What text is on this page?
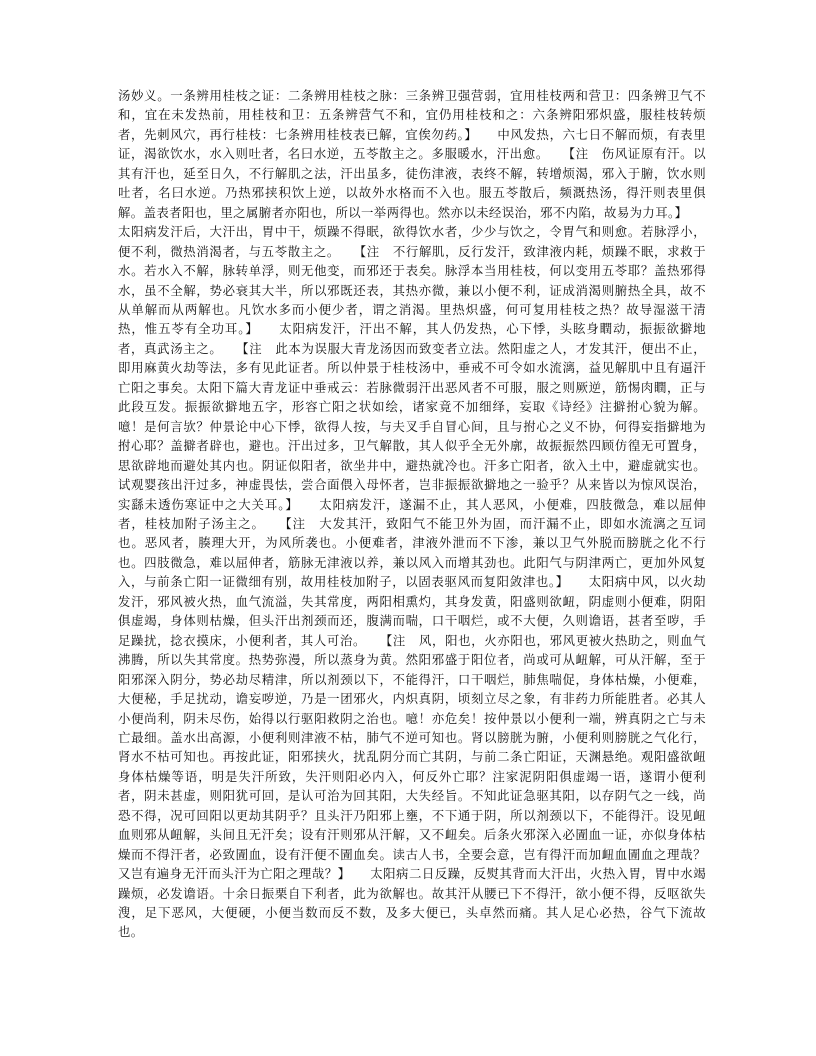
汤妙义。一条辨用桂枝之证：二条辨用桂枝之脉：三条辨卫强营弱，宜用桂枝两和营卫：四条辨卫气不和，宜在未发热前，用桂枝和卫：五条辨营气不和，宜仍用桂枝和之：六条辨阳邪炽盛，服桂枝转烦者，先刺风穴，再行桂枝：七条辨用桂枝表已解，宜俟勿药。】　　中风发热，六七日不解而烦，有表里证，渴欲饮水，水入则吐者，名曰水逆，五苓散主之。多服暖水，汗出愈。　　【注　伤风证原有汗。以其有汗也，延至日久，不行解肌之法，汗出虽多，徒伤津液，表终不解，转增烦渴，邪入于腑，饮水则吐者，名曰水逆。乃热邪挟积饮上逆，以故外水格而不入也。服五苓散后，频溉热汤，得汗则表里俱解。盖表者阳也，里之属腑者亦阳也，所以一举两得也。然亦以未经误治，邪不内陷，故易为力耳。】　　太阳病发汗后，大汗出，胃中干，烦躁不得眠，欲得饮水者，少少与饮之，令胃气和则愈。若脉浮小，便不利，微热消渴者，与五苓散主之。　　【注　不行解肌，反行发汗，致津液内耗，烦躁不眠，求救于水。若水入不解，脉转单浮，则无他变，而邪还于表矣。脉浮本当用桂枝，何以变用五苓耶？盖热邪得水，虽不全解，势必衰其大半，所以邪既还表，其热亦微，兼以小便不利，证成消渴则腑热全具，故不从单解而从两解也。凡饮水多而小便少者，谓之消渴。里热炽盛，何可复用桂枝之热？故导湿滋干清热，惟五苓有全功耳。】　　太阳病发汗，汗出不解，其人仍发热，心下悸，头眩身瞤动，振振欲擗地者，真武汤主之。　　【注　此本为误服大青龙汤因而致变者立法。然阳虚之人，才发其汗，便出不止，即用麻黄火劫等法，多有见此证者。所以仲景于桂枝汤中，垂戒不可令如水流漓，益见解肌中且有逼汗亡阳之事矣。太阳下篇大青龙证中垂戒云：若脉微弱汗出恶风者不可服，服之则厥逆，筋惕肉瞤，正与此段互发。振振欲擗地五字，形容亡阳之状如绘，诸家竟不加细绎，妄取《诗经》注擗拊心貌为解。噫！是何言欤？仲景论中心下悸，欲得人按，与夫叉手自冒心间，且与拊心之义不协，何得妄指擗地为拊心耶？盖擗者辟也，避也。汗出过多，卫气解散，其人似乎全无外廓，故振振然四顾仿徨无可置身，思欲辟地而避处其内也。阴证似阳者，欲坐井中，避热就冷也。汗多亡阳者，欲入土中，避虚就实也。试观婴孩出汗过多，神虚畏怯，尝合面偎入母怀者，岂非振振欲擗地之一验乎？从来皆以为惊风误治，实繇未透伤寒证中之大关耳。】　　太阳病发汗，遂漏不止，其人恶风，小便难，四肢微急，难以屈伸者，桂枝加附子汤主之。　　【注　大发其汗，致阳气不能卫外为固，而汗漏不止，即如水流漓之互词也。恶风者，腠理大开，为风所袭也。小便难者，津液外泄而不下渗，兼以卫气外脱而膀胱之化不行也。四肢微急，难以屈伸者，筋脉无津液以养，兼以风入而增其劲也。此阳气与阴津两亡，更加外风复入，与前条亡阳一证微细有别，故用桂枝加附子，以固表驱风而复阳敛津也。】　　太阳病中风，以火劫发汗，邪风被火热，血气流溢，失其常度，两阳相熏灼，其身发黄，阳盛则欲衄，阴虚则小便难，阴阳俱虚竭，身体则枯燥，但头汗出剂颈而还，腹满而喘，口干咽烂，或不大便，久则谵语，甚者至哕，手足躁扰，捻衣摸床，小便利者，其人可治。　　【注　风，阳也，火亦阳也，邪风更被火热助之，则血气沸腾，所以失其常度。热势弥漫，所以蒸身为黄。然阳邪盛于阳位者，尚或可从衄解，可从汗解，至于阳邪深入阴分，势必劫尽精津，所以剂颈以下，不能得汗，口干咽烂，肺焦喘促，身体枯燥，小便难，大便秘，手足扰动，谵妄哕逆，乃是一团邪火，内炽真阴，顷刻立尽之象，有非药力所能胜者。必其人小便尚利，阴未尽伤，始得以行驱阳救阴之治也。噫！亦危矣！按仲景以小便利一端，辨真阴之亡与未亡最细。盖水出高源，小便利则津液不枯，肺气不逆可知也。肾以膀胱为腑，小便利则膀胱之气化行，肾水不枯可知也。再按此证，阳邪挟火，扰乱阴分而亡其阴，与前二条亡阳证，天渊悬绝。观阳盛欲衄身体枯燥等语，明是失汗所致，失汗则阳必内入，何反外亡耶？注家泥阴阳俱虚竭一语，遂谓小便利者，阴未甚虚，则阳犹可回，是认可治为回其阳，大失经旨。不知此证急驱其阳，以存阴气之一线，尚恐不得，况可回阳以更劫其阴乎？且头汗乃阳邪上壅，不下通于阴，所以剂颈以下，不能得汗。设见衄血则邪从衄解，头间且无汗矣；设有汗则邪从汗解，又不衄矣。后条火邪深入必圊血一证，亦似身体枯燥而不得汗者，必致圊血，设有汗便不圊血矣。读古人书，全要会意，岂有得汗而加衄血圊血之理哉？又岂有遍身无汗而头汗为亡阳之理哉？】　　太阳病二日反躁，反熨其背而大汗出，火热入胃，胃中水竭躁烦，必发谵语。十余日振栗自下利者，此为欲解也。故其汗从腰已下不得汗，欲小便不得，反呕欲失溲，足下恶风，大便硬，小便当数而反不数，及多大便已，头卓然而痛。其人足心必热，谷气下流故也。
